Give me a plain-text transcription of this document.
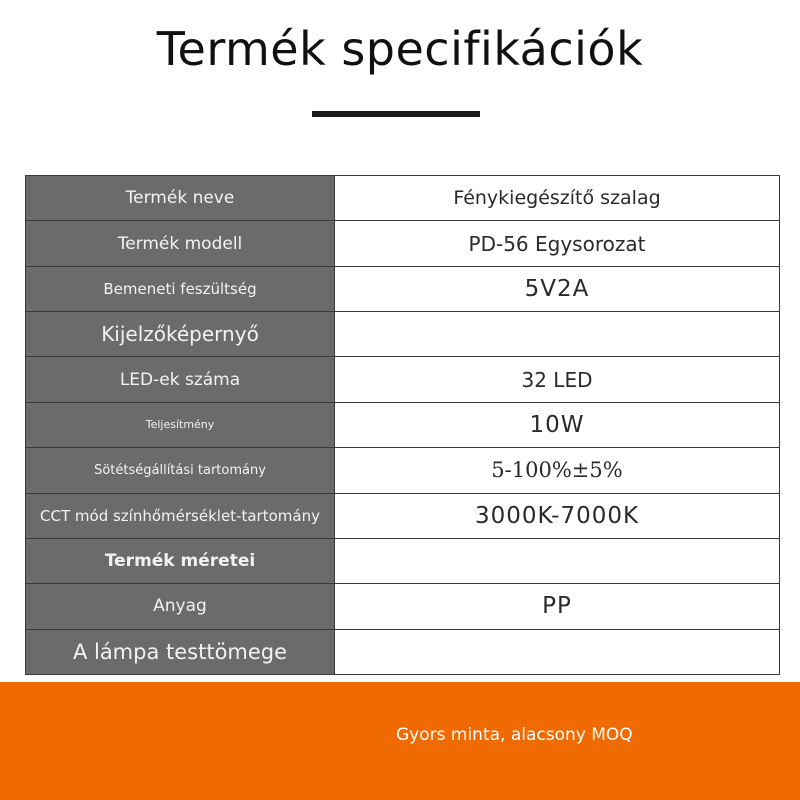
Termék specifikációk
Termék neve	Fénykiegészítő szalag
Termék modell	PD-56 Egysorozat
Bemeneti feszültség	5V2A
Kijelzőképernyő	
LED-ek száma	32 LED
Teljesítmény	10W
Sötétségállítási tartomány	5-100%±5%
CCT mód színhőmérséklet-tartomány	3000K-7000K
Termék méretei	
Anyag	PP
A lámpa testtömege	
Gyors minta, alacsony MOQ
